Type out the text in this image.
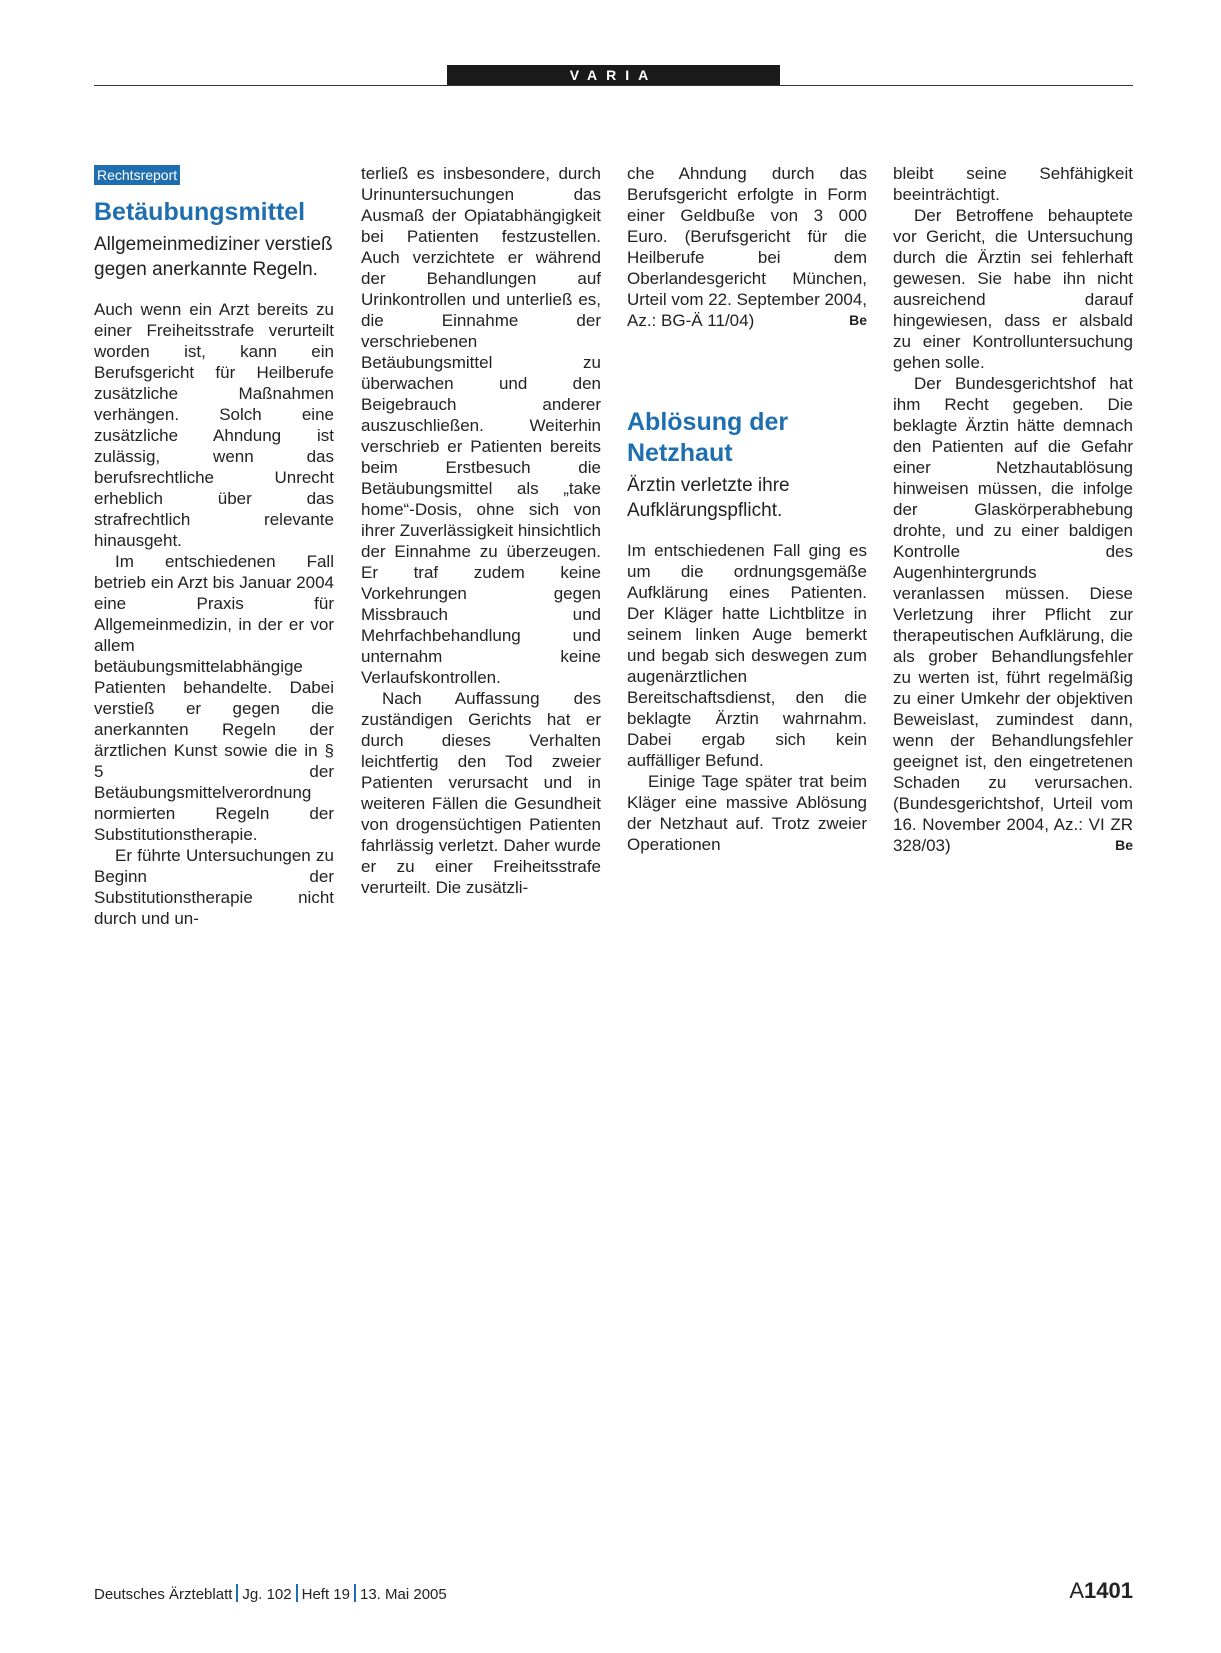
VARIA
Rechtsreport
Betäubungsmittel
Allgemeinmediziner verstieß gegen anerkannte Regeln.

Auch wenn ein Arzt bereits zu einer Freiheitsstrafe verurteilt worden ist, kann ein Berufsgericht für Heilberufe zusätzliche Maßnahmen verhängen. Solch eine zusätzliche Ahndung ist zulässig, wenn das berufsrechtliche Unrecht erheblich über das strafrechtlich relevante hinausgeht.

Im entschiedenen Fall betrieb ein Arzt bis Januar 2004 eine Praxis für Allgemeinmedizin, in der er vor allem betäubungsmittelabhängige Patienten behandelte. Dabei verstieß er gegen die anerkannten Regeln der ärztlichen Kunst sowie die in § 5 der Betäubungsmittelverordnung normierten Regeln der Substitutionstherapie.

Er führte Untersuchungen zu Beginn der Substitutionstherapie nicht durch und un-

terließ es insbesondere, durch Urinuntersuchungen das Ausmaß der Opiatabhängigkeit bei Patienten festzustellen. Auch verzichtete er während der Behandlungen auf Urinkontrollen und unterließ es, die Einnahme der verschriebenen Betäubungsmittel zu überwachen und den Beigebrauch anderer auszuschließen. Weiterhin verschrieb er Patienten bereits beim Erstbesuch die Betäubungsmittel als „take home“-Dosis, ohne sich von ihrer Zuverlässigkeit hinsichtlich der Einnahme zu überzeugen. Er traf zudem keine Vorkehrungen gegen Missbrauch und Mehrfachbehandlung und unternahm keine Verlaufskontrollen.

Nach Auffassung des zuständigen Gerichts hat er durch dieses Verhalten leichtfertig den Tod zweier Patienten verursacht und in weiteren Fällen die Gesundheit von drogensüchtigen Patienten fahrlässig verletzt. Daher wurde er zu einer Freiheitsstrafe verurteilt. Die zusätzli-

che Ahndung durch das Berufsgericht erfolgte in Form einer Geldbuße von 3 000 Euro. (Berufsgericht für die Heilberufe bei dem Oberlandesgericht München, Urteil vom 22. September 2004, Az.: BG-Ä 11/04)	Be

Ablösung der Netzhaut
Ärztin verletzte ihre Aufklärungspflicht.

Im entschiedenen Fall ging es um die ordnungsgemäße Aufklärung eines Patienten. Der Kläger hatte Lichtblitze in seinem linken Auge bemerkt und begab sich deswegen zum augenärztlichen Bereitschaftsdienst, den die beklagte Ärztin wahrnahm. Dabei ergab sich kein auffälliger Befund.

Einige Tage später trat beim Kläger eine massive Ablösung der Netzhaut auf. Trotz zweier Operationen

bleibt seine Sehfähigkeit beeinträchtigt.

Der Betroffene behauptete vor Gericht, die Untersuchung durch die Ärztin sei fehlerhaft gewesen. Sie habe ihn nicht ausreichend darauf hingewiesen, dass er alsbald zu einer Kontrolluntersuchung gehen solle.

Der Bundesgerichtshof hat ihm Recht gegeben. Die beklagte Ärztin hätte demnach den Patienten auf die Gefahr einer Netzhautablösung hinweisen müssen, die infolge der Glaskörperabhebung drohte, und zu einer baldigen Kontrolle des Augenhintergrunds veranlassen müssen. Diese Verletzung ihrer Pflicht zur therapeutischen Aufklärung, die als grober Behandlungsfehler zu werten ist, führt regelmäßig zu einer Umkehr der objektiven Beweislast, zumindest dann, wenn der Behandlungsfehler geeignet ist, den eingetretenen Schaden zu verursachen. (Bundesgerichtshof, Urteil vom 16. November 2004, Az.: VI ZR 328/03)	Be

Deutsches Ärzteblatt Jg. 102 Heft 19 13. Mai 2005	A1401
